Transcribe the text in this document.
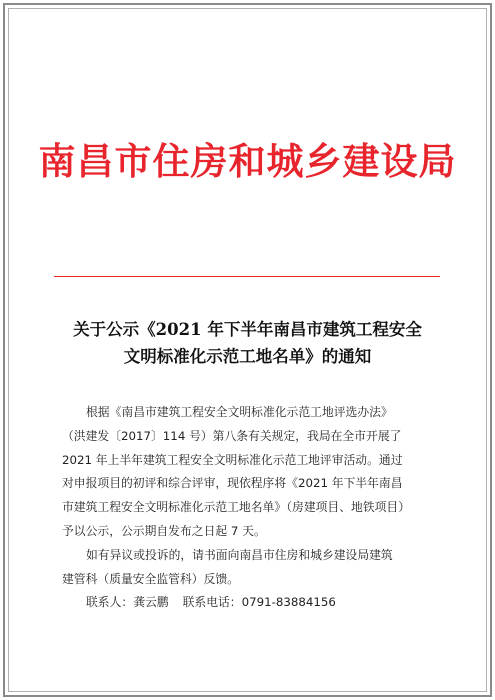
南昌市住房和城乡建设局
关于公示《2021 年下半年南昌市建筑工程安全
文明标准化示范工地名单》的通知
根据《南昌市建筑工程安全文明标准化示范工地评选办法》
（洪建发〔2017〕114 号）第八条有关规定，我局在全市开展了
2021 年上半年建筑工程安全文明标准化示范工地评审活动。通过
对申报项目的初评和综合评审，现依程序将《2021 年下半年南昌
市建筑工程安全文明标准化示范工地名单》（房建项目、地铁项目）
予以公示，公示期自发布之日起 7 天。
如有异议或投诉的，请书面向南昌市住房和城乡建设局建筑
建管科（质量安全监管科）反馈。
联系人： 龚云鹏 联系电话： 0791-83884156
